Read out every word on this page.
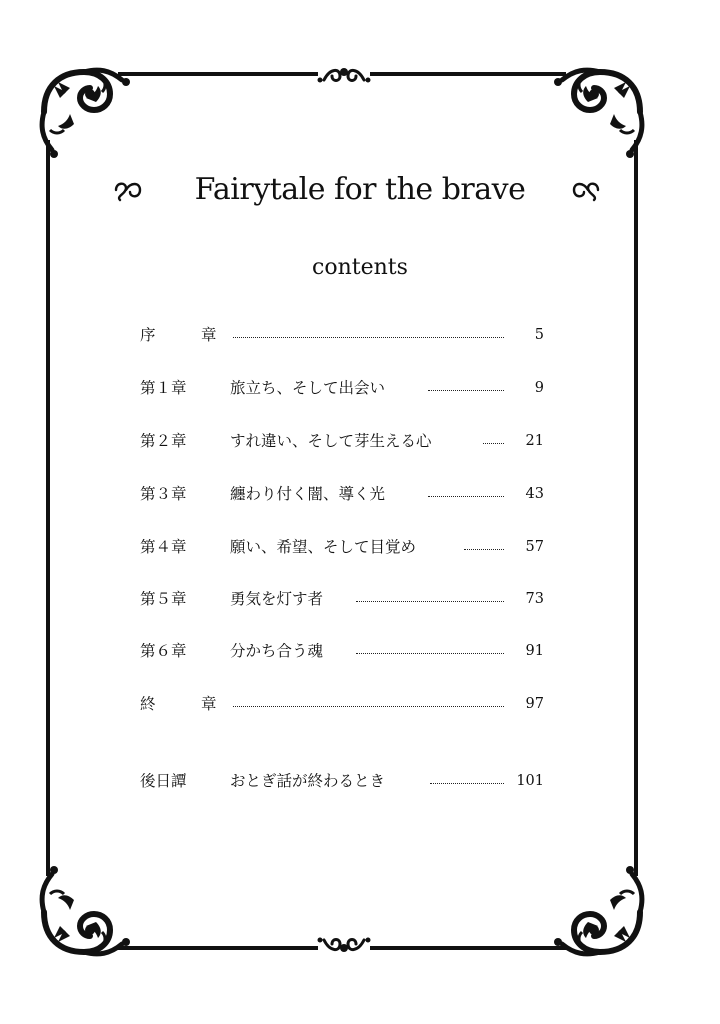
Fairytale for the brave
contents
序　章	5
第１章	旅立ち、そして出会い	9
第２章	すれ違い、そして芽生える心	21
第３章	纏わり付く闇、導く光	43
第４章	願い、希望、そして目覚め	57
第５章	勇気を灯す者	73
第６章	分かち合う魂	91
終　章	97
後日譚	おとぎ話が終わるとき	101
